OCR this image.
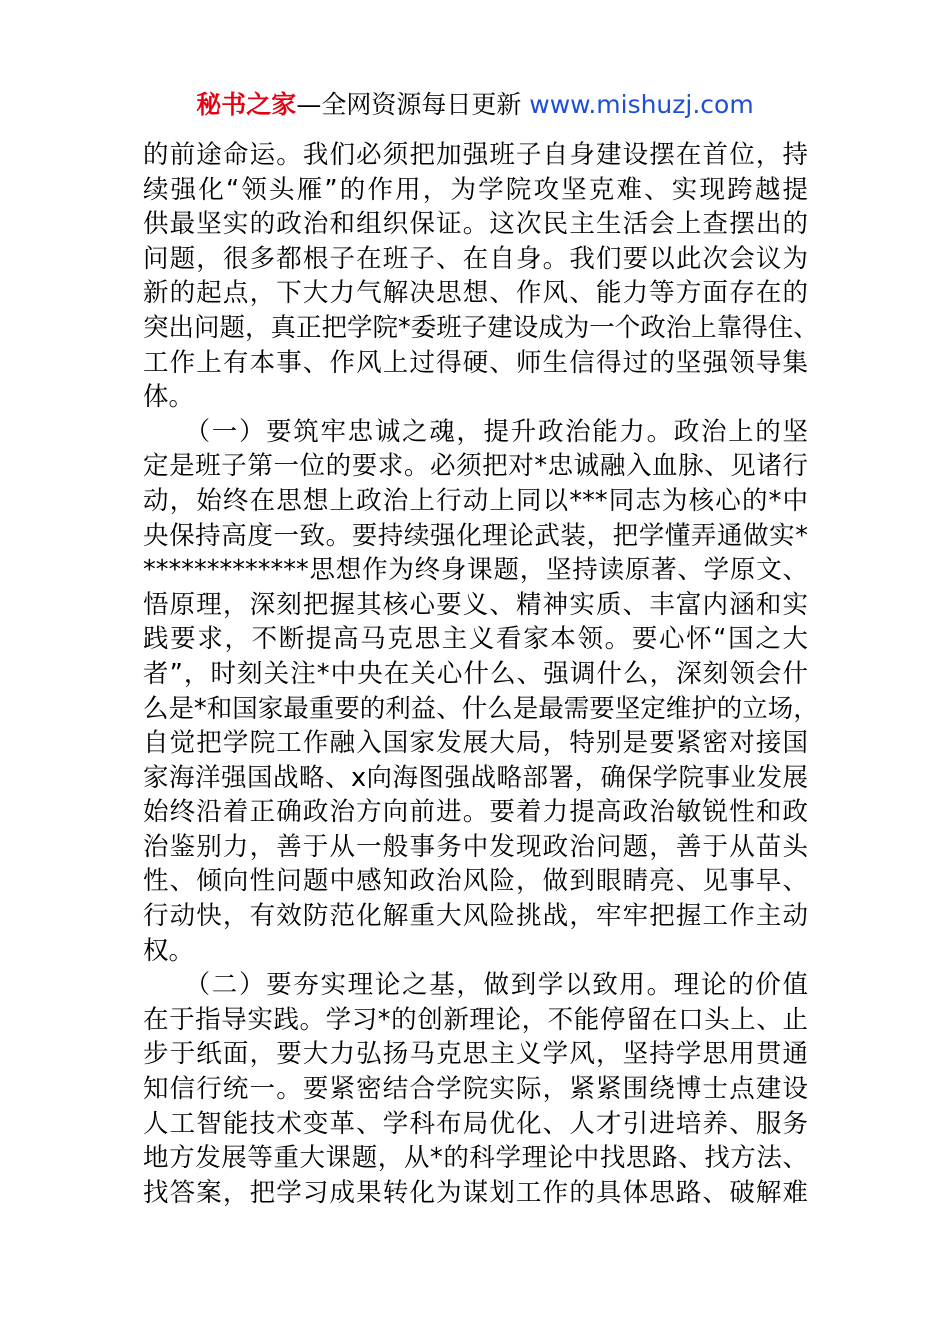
秘书之家—全网资源每日更新 www.mishuzj.com
的前途命运。我们必须把加强班子自身建设摆在首位，持
续强化“领头雁”的作用，为学院攻坚克难、实现跨越提
供最坚实的政治和组织保证。这次民主生活会上查摆出的
问题，很多都根子在班子、在自身。我们要以此次会议为
新的起点，下大力气解决思想、作风、能力等方面存在的
突出问题，真正把学院*委班子建设成为一个政治上靠得住、
工作上有本事、作风上过得硬、师生信得过的坚强领导集
体。
　　（一）要筑牢忠诚之魂，提升政治能力。政治上的坚
定是班子第一位的要求。必须把对*忠诚融入血脉、见诸行
动，始终在思想上政治上行动上同以***同志为核心的*中
央保持高度一致。要持续强化理论武装，把学懂弄通做实*
*************思想作为终身课题，坚持读原著、学原文、
悟原理，深刻把握其核心要义、精神实质、丰富内涵和实
践要求，不断提高马克思主义看家本领。要心怀“国之大
者”，时刻关注*中央在关心什么、强调什么，深刻领会什
么是*和国家最重要的利益、什么是最需要坚定维护的立场，
自觉把学院工作融入国家发展大局，特别是要紧密对接国
家海洋强国战略、x向海图强战略部署，确保学院事业发展
始终沿着正确政治方向前进。要着力提高政治敏锐性和政
治鉴别力，善于从一般事务中发现政治问题，善于从苗头
性、倾向性问题中感知政治风险，做到眼睛亮、见事早、
行动快，有效防范化解重大风险挑战，牢牢把握工作主动
权。
　　（二）要夯实理论之基，做到学以致用。理论的价值
在于指导实践。学习*的创新理论，不能停留在口头上、止
步于纸面，要大力弘扬马克思主义学风，坚持学思用贯通
知信行统一。要紧密结合学院实际，紧紧围绕博士点建设
人工智能技术变革、学科布局优化、人才引进培养、服务
地方发展等重大课题，从*的科学理论中找思路、找方法、
找答案，把学习成果转化为谋划工作的具体思路、破解难
